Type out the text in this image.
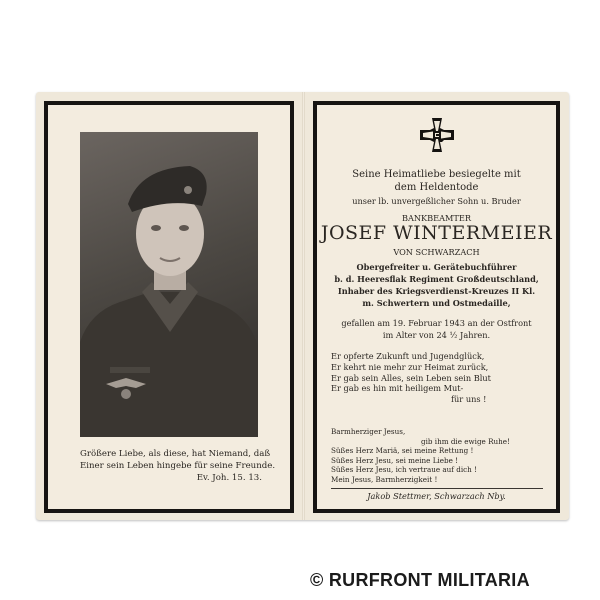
Größere Liebe, als diese, hat Niemand, daß
Einer sein Leben hingebe für seine Freunde.
Ev. Joh. 15. 13.
Seine Heimatliebe besiegelte mit
dem Heldentode
unser lb. unvergeßlicher Sohn u. Bruder
BANKBEAMTER
JOSEF WINTERMEIER
VON SCHWARZACH
Obergefreiter u. Gerätebuchführer
b. d. Heeresflak Regiment Großdeutschland,
Inhaber des Kriegsverdienst-Kreuzes II Kl.
m. Schwertern und Ostmedaille,
gefallen am 19. Februar 1943 an der Ostfront
im Alter von 24 ½ Jahren.
Er opferte Zukunft und Jugendglück,
Er kehrt nie mehr zur Heimat zurück,
Er gab sein Alles, sein Leben sein Blut
Er gab es hin mit heiligem Mut-
für uns !
Barmherziger Jesus,
gib ihm die ewige Ruhe!
Süßes Herz Mariä, sei meine Rettung !
Süßes Herz Jesu, sei meine Liebe !
Süßes Herz Jesu, ich vertraue auf dich !
Mein Jesus, Barmherzigkeit !
Jakob Stettmer, Schwarzach Nby.
© RURFRONT MILITARIA
